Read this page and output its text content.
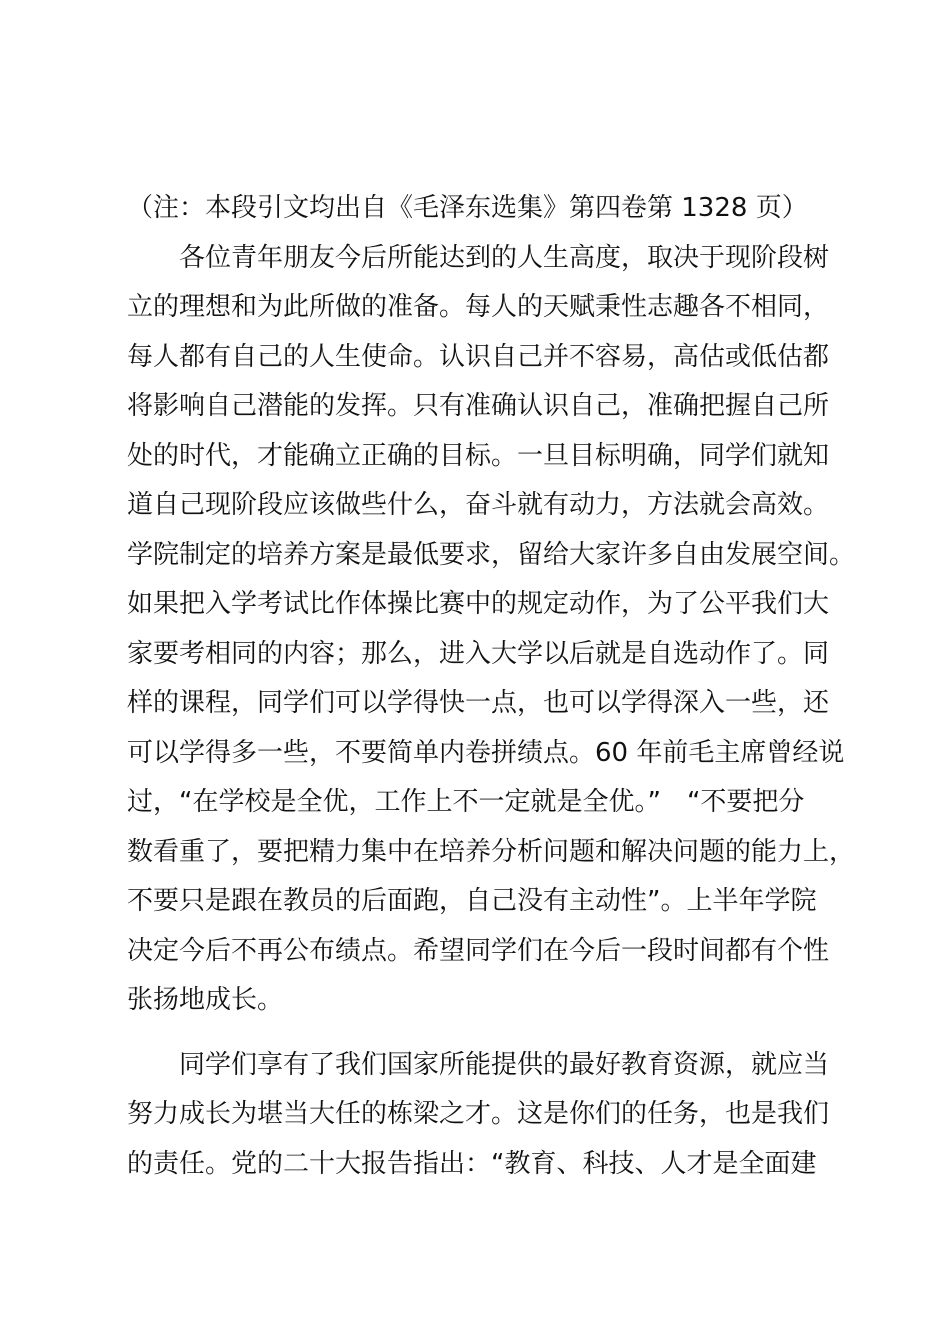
（注：本段引文均出自《毛泽东选集》第四卷第 1328 页）
　　各位青年朋友今后所能达到的人生高度，取决于现阶段树
立的理想和为此所做的准备。每人的天赋秉性志趣各不相同，
每人都有自己的人生使命。认识自己并不容易，高估或低估都
将影响自己潜能的发挥。只有准确认识自己，准确把握自己所
处的时代，才能确立正确的目标。一旦目标明确，同学们就知
道自己现阶段应该做些什么，奋斗就有动力，方法就会高效。
学院制定的培养方案是最低要求，留给大家许多自由发展空间。
如果把入学考试比作体操比赛中的规定动作，为了公平我们大
家要考相同的内容；那么，进入大学以后就是自选动作了。同
样的课程，同学们可以学得快一点，也可以学得深入一些，还
可以学得多一些，不要简单内卷拼绩点。60 年前毛主席曾经说
过，“在学校是全优，工作上不一定就是全优。”　“不要把分
数看重了，要把精力集中在培养分析问题和解决问题的能力上，
不要只是跟在教员的后面跑，自己没有主动性”。上半年学院
决定今后不再公布绩点。希望同学们在今后一段时间都有个性
张扬地成长。
　　同学们享有了我们国家所能提供的最好教育资源，就应当
努力成长为堪当大任的栋梁之才。这是你们的任务，也是我们
的责任。党的二十大报告指出：“教育、科技、人才是全面建
